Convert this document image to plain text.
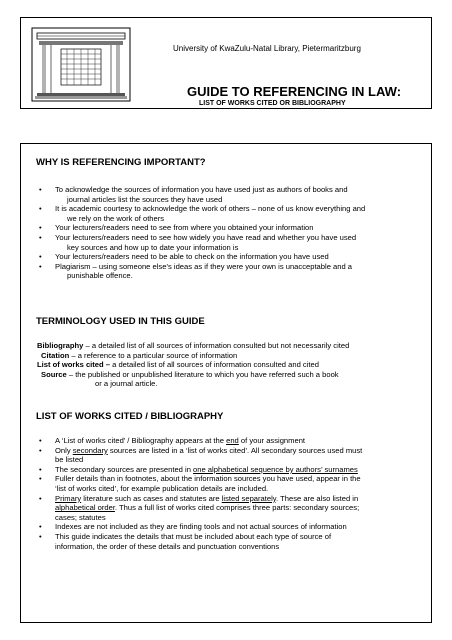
University of KwaZulu-Natal Library, Pietermaritzburg
GUIDE TO REFERENCING IN LAW:
LIST OF WORKS CITED OR BIBLIOGRAPHY
WHY IS REFERENCING IMPORTANT?
• To acknowledge the sources of information you have used just as authors of books and
journal articles list the sources they have used
• It is academic courtesy to acknowledge the work of others – none of us know everything and
we rely on the work of others
• Your lecturers/readers need to see from where you obtained your information
• Your lecturers/readers need to see how widely you have read and whether you have used
key sources and how up to date your information is
• Your lecturers/readers need to be able to check on the information you have used
• Plagiarism – using someone else’s ideas as if they were your own is unacceptable and a
punishable offence.
TERMINOLOGY USED IN THIS GUIDE
Bibliography – a detailed list of all sources of information consulted but not necessarily cited
Citation – a reference to a particular source of information
List of works cited – a detailed list of all sources of information consulted and cited
Source – the published or unpublished literature to which you have referred such a book
or a journal article.
LIST OF WORKS CITED / BIBLIOGRAPHY
• A ‘List of works cited’ / Bibliography appears at the end of your assignment
• Only secondary sources are listed in a ‘list of works cited’. All secondary sources used must
be listed
• The secondary sources are presented in one alphabetical sequence by authors’ surnames
• Fuller details than in footnotes, about the information sources you have used, appear in the
‘list of works cited’, for example publication details are included.
• Primary literature such as cases and statutes are listed separately. These are also listed in
alphabetical order. Thus a full list of works cited comprises three parts: secondary sources;
cases; statutes
• Indexes are not included as they are finding tools and not actual sources of information
• This guide indicates the details that must be included about each type of source of
information, the order of these details and punctuation conventions
